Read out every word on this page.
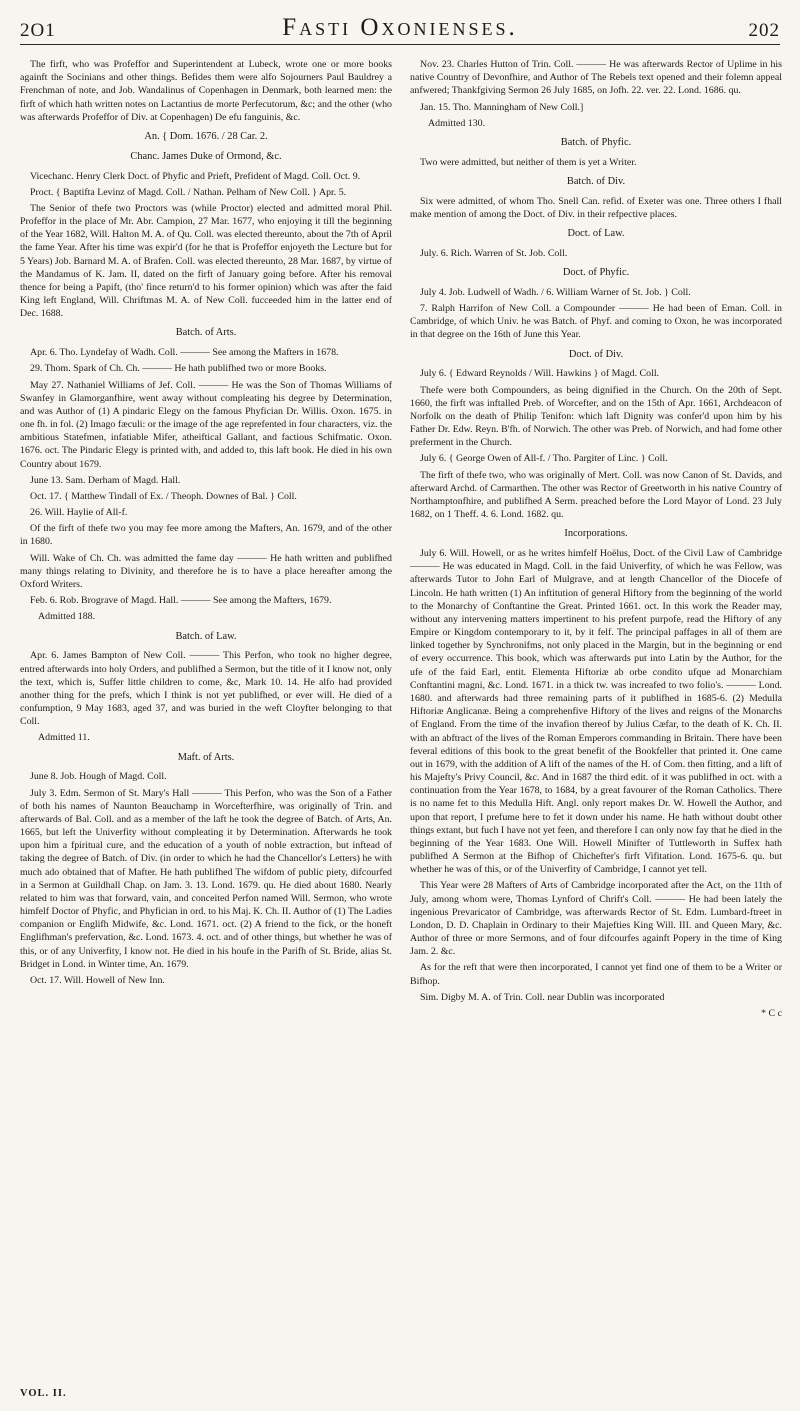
2O1	Fasti Oxonienses.	202

The firft, who was Profeffor and Superintendent at Lubeck, wrote one or more books againft the Socinians and other things. Befides them were alfo Sojourners Paul Bauldrey a Frenchman of note, and Job. Wandalinus of Copenhagen in Denmark, both learned men: the firft of which hath written notes on Lactantius de morte Perfecutorum, &c; and the other (who was afterwards Profeffor of Div. at Copenhagen) De efu fanguinis, &c.

An. { Dom. 1676. / 28 Car. 2.

Chanc. James Duke of Ormond, &c.

Vicechanc. Henry Clerk Doct. of Phyfic and Prieft, Prefident of Magd. Coll. Oct. 9.

Proct. { Baptifta Levinz of Magd. Coll. / Nathan. Pelham of New Coll. } Apr. 5.

The Senior of thefe two Proctors was (while Proctor) elected and admitted moral Phil. Profeffor in the place of Mr. Abr. Campion, 27 Mar. 1677, who enjoying it till the beginning of the Year 1682, Will. Halton M. A. of Qu. Coll. was elected thereunto, about the 7th of April the fame Year. After his time was expir'd (for he that is Profeffor enjoyeth the Lecture but for 5 Years) Job. Barnard M. A. of Brafen. Coll. was elected thereunto, 28 Mar. 1687, by virtue of the Mandamus of K. Jam. II, dated on the firft of January going before. After his removal thence for being a Papift, (tho' fince return'd to his former opinion) which was after the faid King left England, Will. Chriftmas M. A. of New Coll. fucceeded him in the latter end of Dec. 1688.

Batch. of Arts.

Apr. 6. Tho. Lyndefay of Wadh. Coll. ——— See among the Mafters in 1678.

29. Thom. Spark of Ch. Ch. ——— He hath publifhed two or more Books.

May 27. Nathaniel Williams of Jef. Coll. ——— He was the Son of Thomas Williams of Swanfey in Glamorganfhire, went away without compleating his degree by Determination, and was Author of (1) A pindaric Elegy on the famous Phyfician Dr. Willis. Oxon. 1675. in one fh. in fol. (2) Imago fæculi: or the image of the age reprefented in four characters, viz. the ambitious Statefmen, infatiable Mifer, atheiftical Gallant, and factious Schifmatic. Oxon. 1676. oct. The Pindaric Elegy is printed with, and added to, this laft book. He died in his own Country about 1679.

June 13. Sam. Derham of Magd. Hall.

Oct. 17. { Matthew Tindall of Ex. / Theoph. Downes of Bal. } Coll.

26. Will. Haylie of All-f.

Of the firft of thefe two you may fee more among the Mafters, An. 1679, and of the other in 1680.

Will. Wake of Ch. Ch. was admitted the fame day ——— He hath written and publifhed many things relating to Divinity, and therefore he is to have a place hereafter among the Oxford Writers.

Feb. 6. Rob. Brograve of Magd. Hall. ——— See among the Mafters, 1679.

Admitted 188.

Batch. of Law.

Apr. 6. James Bampton of New Coll. ——— This Perfon, who took no higher degree, entred afterwards into holy Orders, and publifhed a Sermon, but the title of it I know not, only the text, which is, Suffer little children to come, &c, Mark 10. 14. He alfo had provided another thing for the prefs, which I think is not yet publifhed, or ever will. He died of a confumption, 9 May 1683, aged 37, and was buried in the weft Cloyfter belonging to that Coll.

Admitted 11.

Maft. of Arts.

June 8. Job. Hough of Magd. Coll.

July 3. Edm. Sermon of St. Mary's Hall ——— This Perfon, who was the Son of a Father of both his names of Naunton Beauchamp in Worcefterfhire, was originally of Trin. and afterwards of Bal. Coll. and as a member of the laft he took the degree of Batch. of Arts, An. 1665, but left the Univerfity without compleating it by Determination. Afterwards he took upon him a fpiritual cure, and the education of a youth of noble extraction, but inftead of taking the degree of Batch. of Div. (in order to which he had the Chancellor's Letters) he with much ado obtained that of Mafter. He hath publifhed The wifdom of public piety, difcourfed in a Sermon at Guildhall Chap. on Jam. 3. 13. Lond. 1679. qu. He died about 1680. Nearly related to him was that forward, vain, and conceited Perfon named Will. Sermon, who wrote himfelf Doctor of Phyfic, and Phyfician in ord. to his Maj. K. Ch. II. Author of (1) The Ladies companion or Englifh Midwife, &c. Lond. 1671. oct. (2) A friend to the fick, or the honeft Englifhman's prefervation, &c. Lond. 1673. 4. oct. and of other things, but whether he was of this, or of any Univerfity, I know not. He died in his houfe in the Parifh of St. Bride, alias St. Bridget in Lond. in Winter time, An. 1679.

Oct. 17. Will. Howell of New Inn.

Nov. 23. Charles Hutton of Trin. Coll. ——— He was afterwards Rector of Uplime in his native Country of Devonfhire, and Author of The Rebels text opened and their folemn appeal anfwered; Thankfgiving Sermon 26 July 1685, on Jofh. 22. ver. 22. Lond. 1686. qu.

Jan. 15. Tho. Manningham of New Coll.]

Admitted 130.

Batch. of Phyfic.

Two were admitted, but neither of them is yet a Writer.

Batch. of Div.

Six were admitted, of whom Tho. Snell Can. refid. of Exeter was one. Three others I fhall make mention of among the Doct. of Div. in their refpective places.

Doct. of Law.

July. 6. Rich. Warren of St. Job. Coll.

Doct. of Phyfic.

July 4. Job. Ludwell of Wadh. / 6. William Warner of St. Job. } Coll.

7. Ralph Harrifon of New Coll. a Compounder ——— He had been of Eman. Coll. in Cambridge, of which Univ. he was Batch. of Phyf. and coming to Oxon, he was incorporated in that degree on the 16th of June this Year.

Doct. of Div.

July 6. { Edward Reynolds / Will. Hawkins } of Magd. Coll.

Thefe were both Compounders, as being dignified in the Church. On the 20th of Sept. 1660, the firft was inftalled Preb. of Worcefter, and on the 15th of Apr. 1661, Archdeacon of Norfolk on the death of Philip Tenifon: which laft Dignity was confer'd upon him by his Father Dr. Edw. Reyn. B'fh. of Norwich. The other was Preb. of Norwich, and had fome other preferment in the Church.

July 6. { George Owen of All-f. / Tho. Pargiter of Linc. } Coll.

The firft of thefe two, who was originally of Mert. Coll. was now Canon of St. Davids, and afterward Archd. of Carmarthen. The other was Rector of Greetworth in his native Country of Northamptonfhire, and publifhed A Serm. preached before the Lord Mayor of Lond. 23 July 1682, on 1 Theff. 4. 6. Lond. 1682. qu.

Incorporations.

July 6. Will. Howell, or as he writes himfelf Hoëlus, Doct. of the Civil Law of Cambridge ——— He was educated in Magd. Coll. in the faid Univerfity, of which he was Fellow, was afterwards Tutor to John Earl of Mulgrave, and at length Chancellor of the Diocefe of Lincoln. He hath written (1) An inftitution of general Hiftory from the beginning of the world to the Monarchy of Conftantine the Great. Printed 1661. oct. In this work the Reader may, without any intervening matters impertinent to his prefent purpofe, read the Hiftory of any Empire or Kingdom contemporary to it, by it felf. The principal paffages in all of them are linked together by Synchronifms, not only placed in the Margin, but in the beginning or end of every occurrence. This book, which was afterwards put into Latin by the Author, for the ufe of the faid Earl, entit. Elementa Hiftoriæ ab orbe condito ufque ad Monarchiam Conftantini magni, &c. Lond. 1671. in a thick tw. was increafed to two folio's. ——— Lond. 1680. and afterwards had three remaining parts of it publifhed in 1685-6. (2) Medulla Hiftoriæ Anglicanæ. Being a comprehenfive Hiftory of the lives and reigns of the Monarchs of England. From the time of the invafion thereof by Julius Cæfar, to the death of K. Ch. II. with an abftract of the lives of the Roman Emperors commanding in Britain. There have been feveral editions of this book to the great benefit of the Bookfeller that printed it. One came out in 1679, with the addition of A lift of the names of the H. of Com. then fitting, and a lift of his Majefty's Privy Council, &c. And in 1687 the third edit. of it was publifhed in oct. with a continuation from the Year 1678, to 1684, by a great favourer of the Roman Catholics. There is no name fet to this Medulla Hift. Angl. only report makes Dr. W. Howell the Author, and upon that report, I prefume here to fet it down under his name. He hath without doubt other things extant, but fuch I have not yet feen, and therefore I can only now fay that he died in the beginning of the Year 1683. One Will. Howell Minifter of Tuttleworth in Suffex hath publifhed A Sermon at the Bifhop of Chichefter's firft Vifitation. Lond. 1675-6. qu. but whether he was of this, or of the Univerfity of Cambridge, I cannot yet tell.

This Year were 28 Mafters of Arts of Cambridge incorporated after the Act, on the 11th of July, among whom were, Thomas Lynford of Chrift's Coll. ——— He had been lately the ingenious Prevaricator of Cambridge, was afterwards Rector of St. Edm. Lumbard-ftreet in London, D. D. Chaplain in Ordinary to their Majefties King Will. III. and Queen Mary, &c. Author of three or more Sermons, and of four difcourfes againft Popery in the time of King Jam. 2. &c.

As for the reft that were then incorporated, I cannot yet find one of them to be a Writer or Bifhop.

Sim. Digby M. A. of Trin. Coll. near Dublin was incorporated

* C c

VOL. II.
